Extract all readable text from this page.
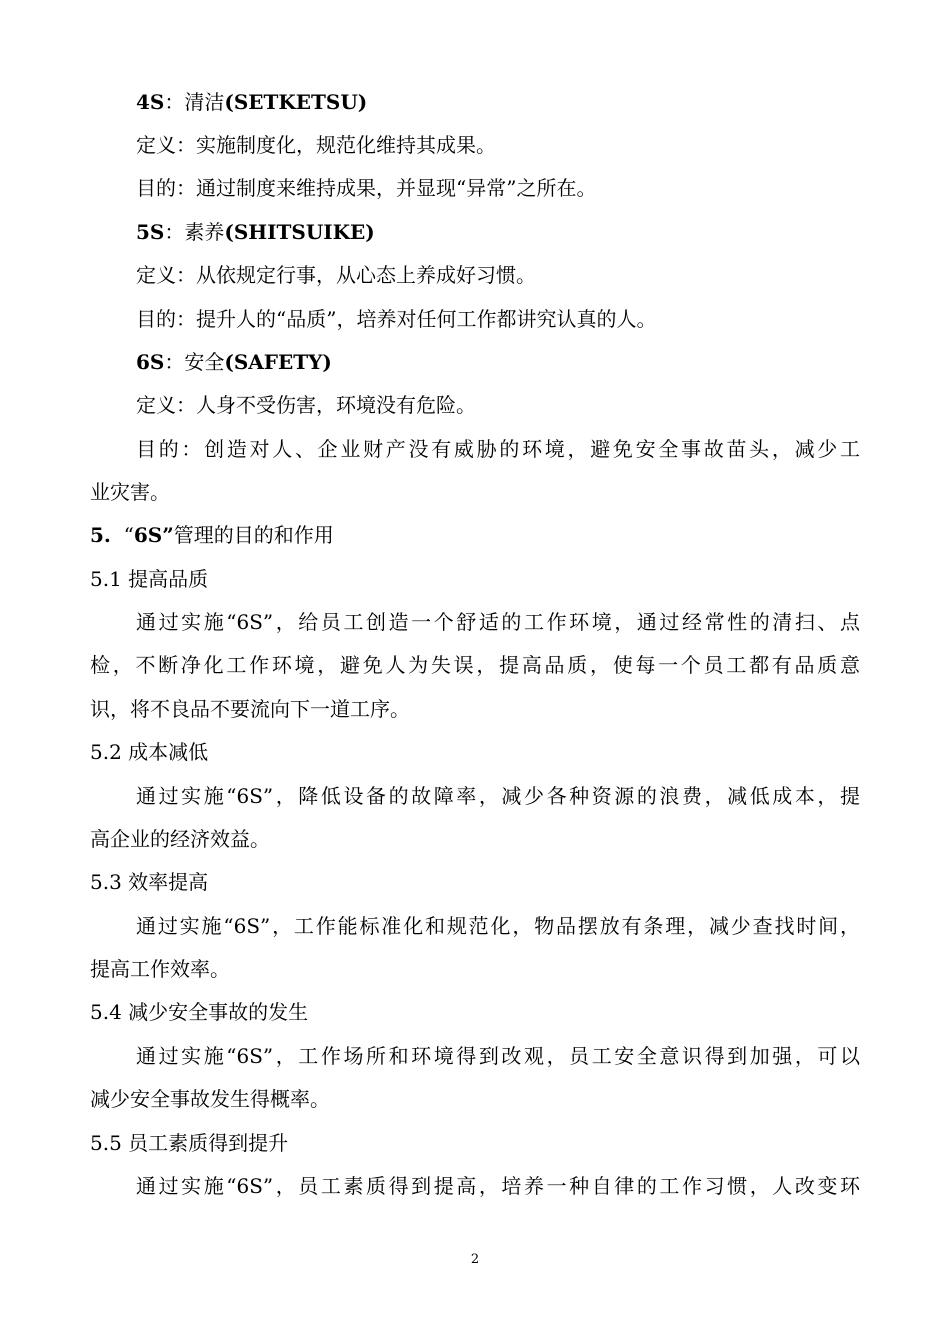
4S：清洁(SETKETSU)
定义：实施制度化，规范化维持其成果。
目的：通过制度来维持成果，并显现“异常”之所在。
5S：素养(SHITSUIKE)
定义：从依规定行事，从心态上养成好习惯。
目的：提升人的“品质”，培养对任何工作都讲究认真的人。
6S：安全(SAFETY)
定义：人身不受伤害，环境没有危险。
目的：创造对人、企业财产没有威胁的环境，避免安全事故苗头，减少工
业灾害。
5. “6S”管理的目的和作用
5.1 提高品质
通过实施“6S”，给员工创造一个舒适的工作环境，通过经常性的清扫、点
检，不断净化工作环境，避免人为失误，提高品质，使每一个员工都有品质意
识，将不良品不要流向下一道工序。
5.2 成本减低
通过实施“6S”，降低设备的故障率，减少各种资源的浪费，减低成本，提
高企业的经济效益。
5.3 效率提高
通过实施“6S”，工作能标准化和规范化，物品摆放有条理，减少查找时间，
提高工作效率。
5.4 减少安全事故的发生
通过实施“6S”，工作场所和环境得到改观，员工安全意识得到加强，可以
减少安全事故发生得概率。
5.5 员工素质得到提升
通过实施“6S”，员工素质得到提高，培养一种自律的工作习惯，人改变环
2
